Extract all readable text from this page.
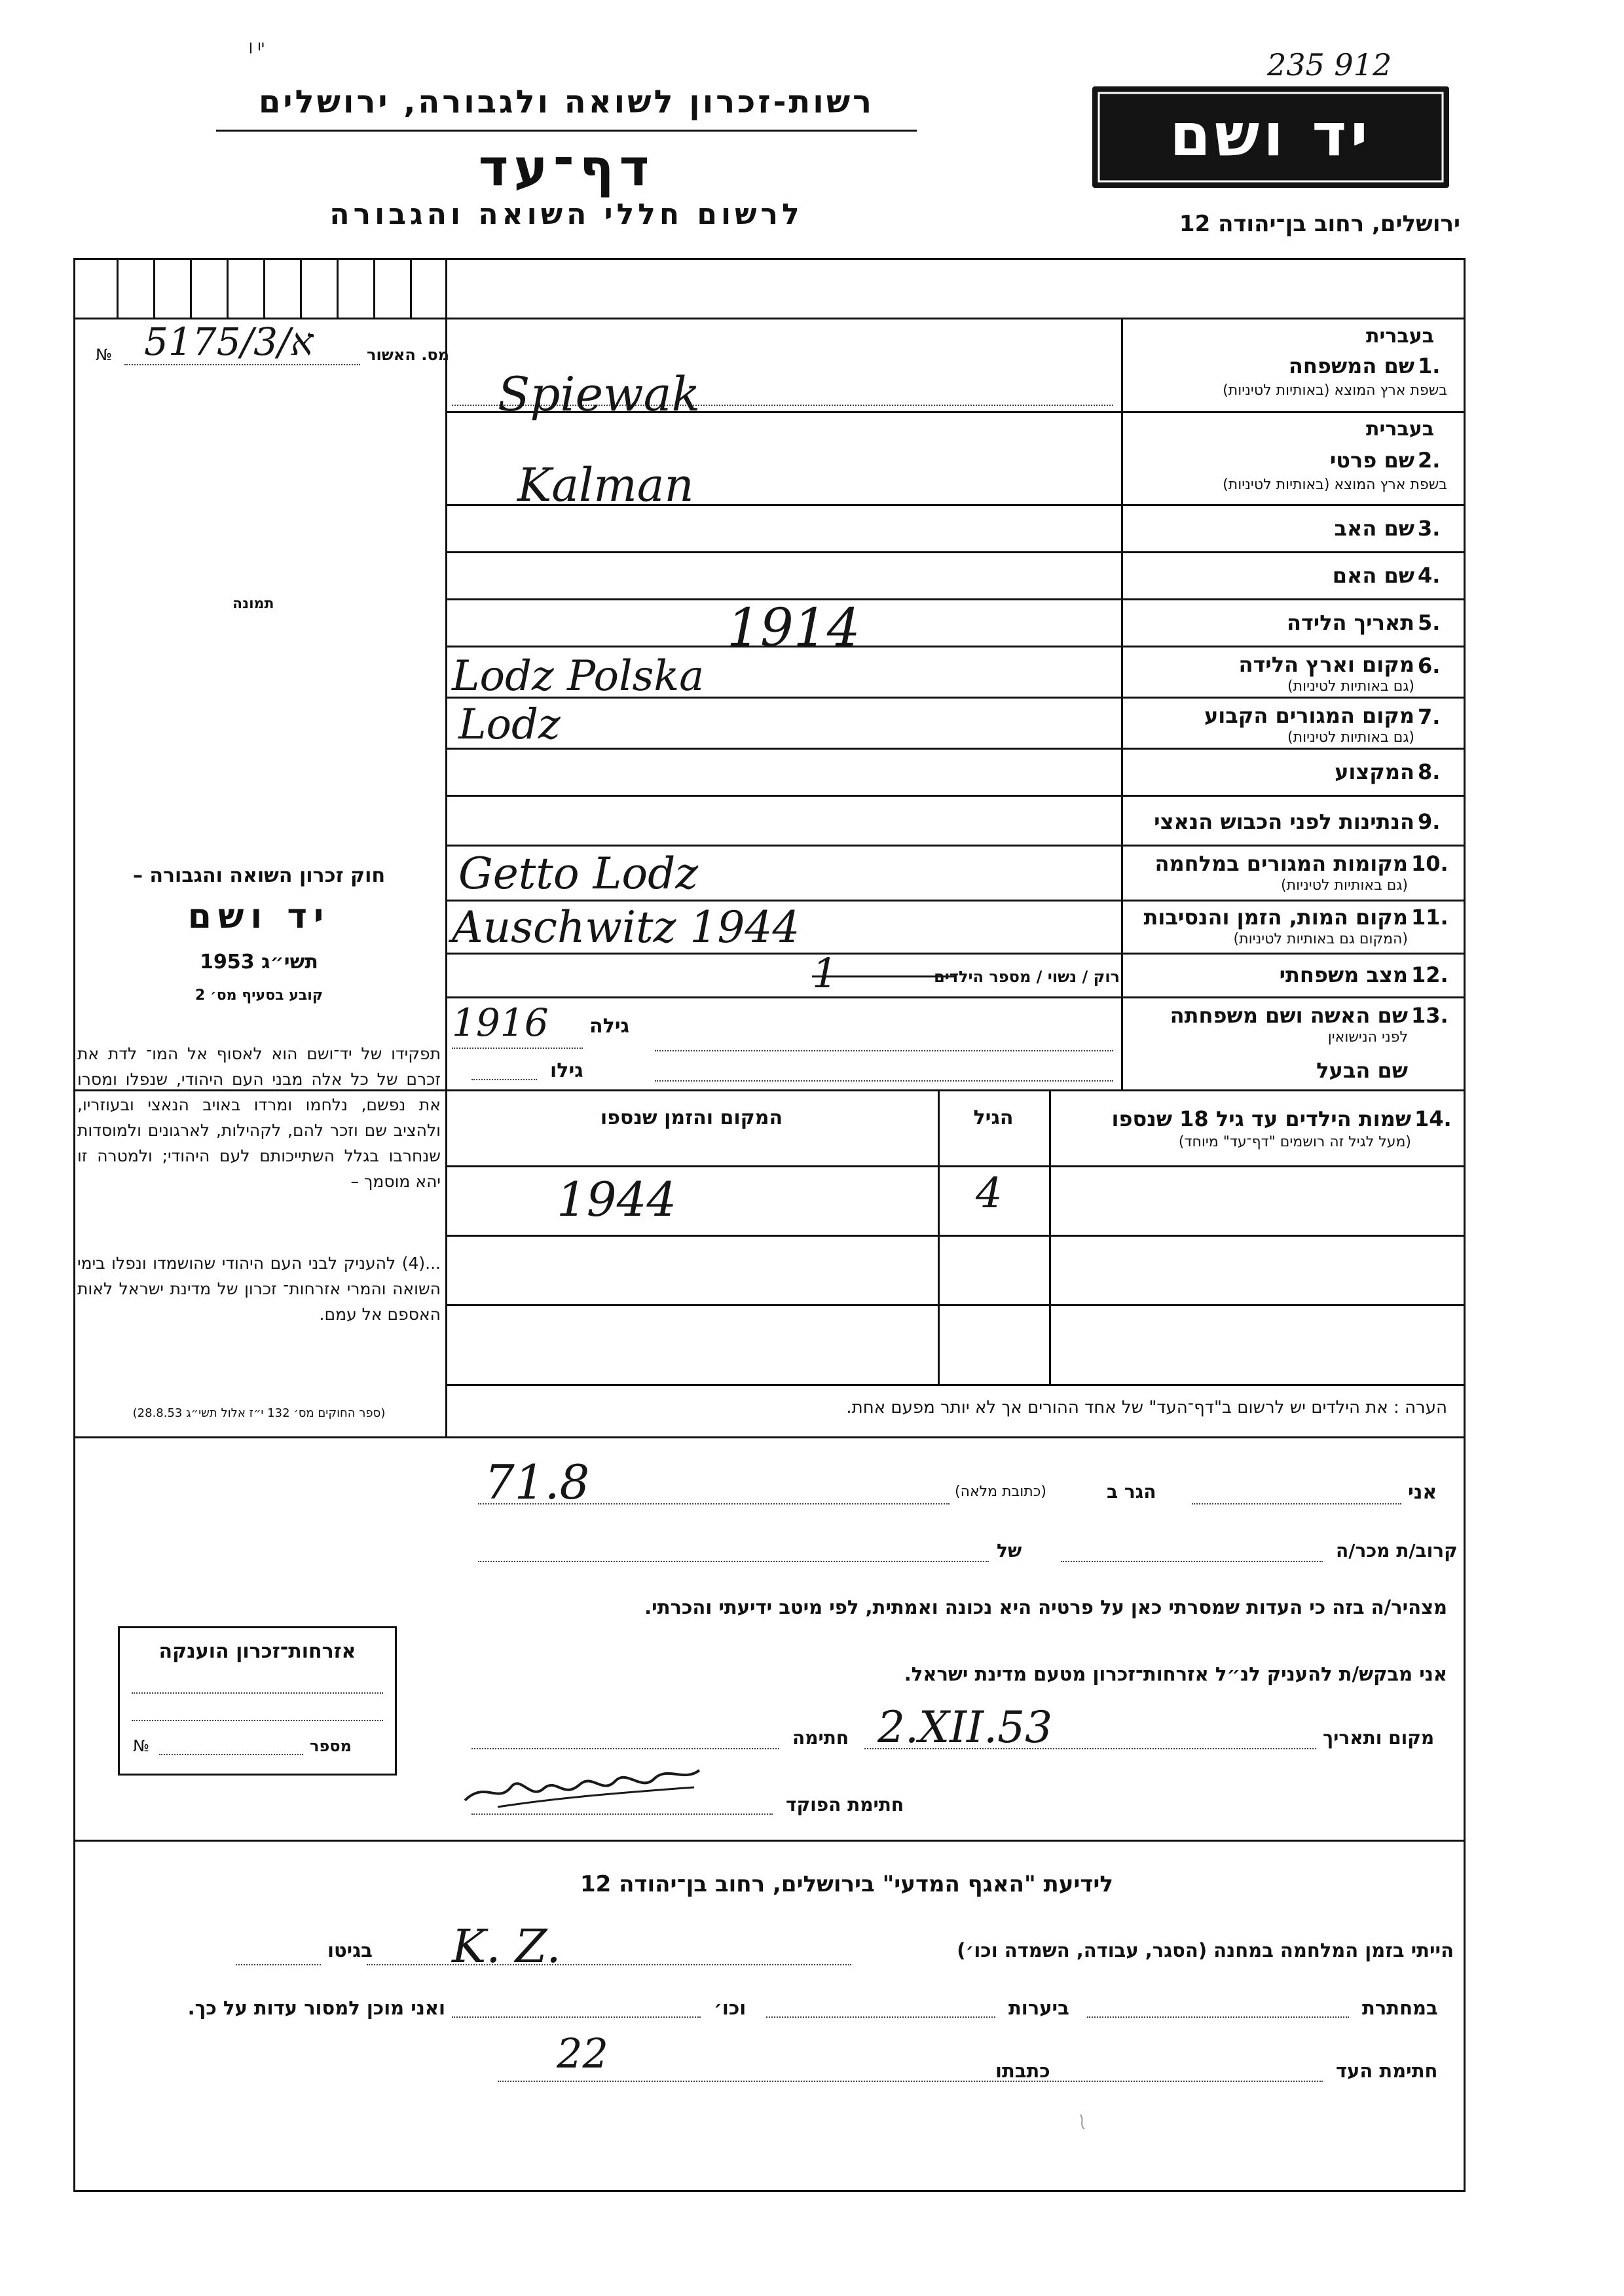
יו ן
235 912
רשות-זכרון לשואה ולגבורה, ירושלים
דף־עד
לרשום חללי השואה והגבורה
יד ושם
ירושלים, רחוב בן־יהודה 12
מס. האשור
№ א/5175/3
תמונה
בעברית
1.
שם המשפחה
בשפת ארץ המוצא (באותיות לטיניות)
Spiewak
בעברית
2.
שם פרטי
בשפת ארץ המוצא (באותיות לטיניות)
Kalman
3.
שם האב
4.
שם האם
5.
תאריך הלידה
1914
6.
מקום וארץ הלידה
(גם באותיות לטיניות)
Lodz Polska
7.
מקום המגורים הקבוע
(גם באותיות לטיניות)
Lodz
8.
המקצוע
9.
הנתינות לפני הכבוש הנאצי
10.
מקומות המגורים במלחמה
(גם באותיות לטיניות)
Getto Lodz
11.
מקום המות, הזמן והנסיבות
(המקום גם באותיות לטיניות)
Auschwitz 1944
12.
מצב משפחתי
רוק / נשוי / מספר הילדים
1
13.
שם האשה ושם משפחתה
לפני הנישואין
גילה
1916
שם הבעל
גילו
14.
שמות הילדים עד גיל 18 שנספו
(מעל לגיל זה רושמים "דף־עד" מיוחד)
הגיל
המקום והזמן שנספו
4
1944
חוק זכרון השואה והגבורה –
יד ושם
תשי״ג 1953
קובע בסעיף מס׳ 2
תפקידו של יד־ושם הוא לאסוף אל המו־ לדת את זכרם של כל אלה מבני העם היהודי, שנפלו ומסרו את נפשם, נלחמו ומרדו באויב הנאצי ובעוזריו, ולהציב שם וזכר להם, לקהילות, לארגונים ולמוסדות שנחרבו בגלל השתייכותם לעם היהודי; ולמטרה זו יהא מוסמך –
...(4) להעניק לבני העם היהודי שהושמדו ונפלו בימי השואה והמרי אזרחות־ זכרון של מדינת ישראל לאות האספם אל עמם.
(ספר החוקים מס׳ 132 י״ז אלול תשי״ג 28.8.53)	הערה : את הילדים יש לרשום ב"דף־העד" של אחד ההורים אך לא יותר מפעם אחת.
אני
הגר ב
(כתובת מלאה)
71.8
קרוב/ת מכר/ה
של
מצהיר/ה בזה כי העדות שמסרתי כאן על פרטיה היא נכונה ואמתית, לפי מיטב ידיעתי והכרתי.
אני מבקש/ת להעניק לנ״ל אזרחות־זכרון מטעם מדינת ישראל.
מקום ותאריך
2.XII.53
חתימה
חתימת הפוקד
אזרחות־זכרון הוענקה
מספר
№
לידיעת "האגף המדעי" בירושלים, רחוב בן־יהודה 12
הייתי בזמן המלחמה במחנה (הסגר, עבודה, השמדה וכו׳)
K. Z.
בגיטו
במחתרת
ביערות
וכו׳
ואני מוכן למסור עדות על כך.
חתימת העד
כתבתו
22
